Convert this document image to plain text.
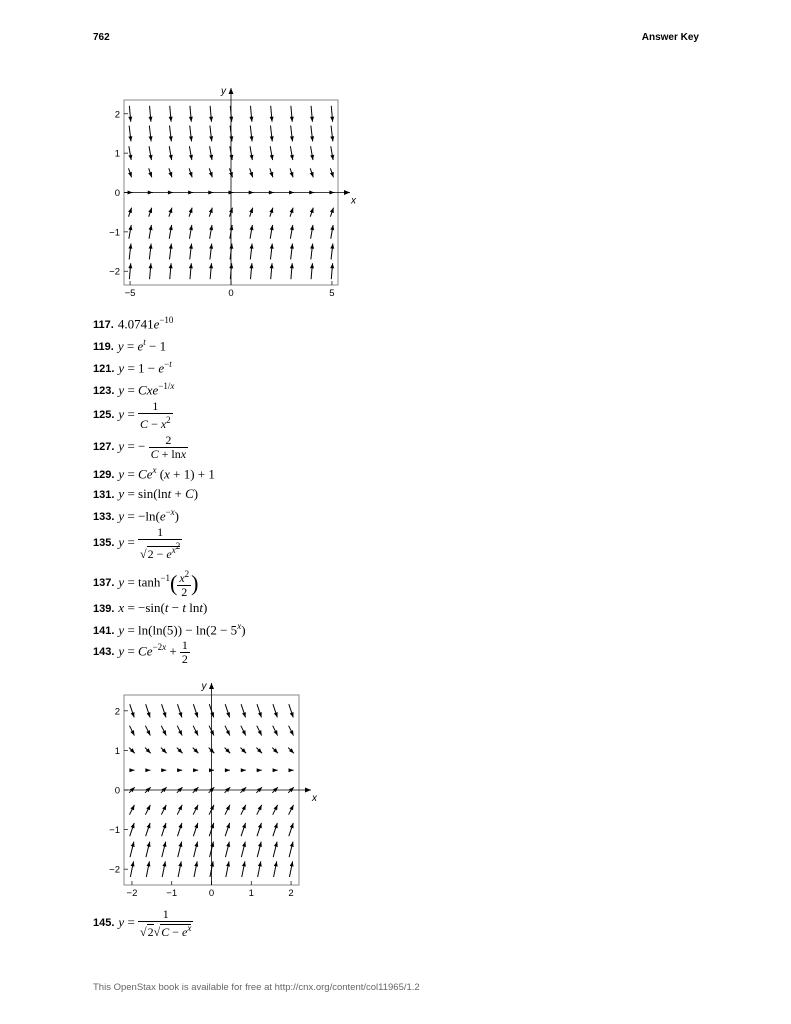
762	Answer Key
x
y
2
1
0
−1
−2
−5	0	5
117. $4.0741e^{-10}$
119. $y = e^t - 1$
121. $y = 1 - e^{-t}$
123. y = Cxe$^{-1/x}$
125. $y = \frac{1}{C - x^2}$
127. y = − $\frac{2}{C + \ln x}$
129. $y = Ce^x$ (x + 1) + 1
131. y = sin(lnt + C)
133. $y = -\ln(e^{-x})$
135. $y = \frac{1}{√2 - e^{x^2}}$
137. $y = \tanh^{-1}( \frac{x^2}{2}$ )
139. x = −sin(t − t lnt)
141. $y = \ln(\ln(5)) - \ln(2 - 5^x)$
143. $y = Ce^{-2x} + \frac{1}{2}$
x
y
2
1
0
−1
−2
−2	−1	0	1	2
145. $y = \frac{1}{√2√C - e^x}$
This OpenStax book is available for free at http://cnx.org/content/col11965/1.2
